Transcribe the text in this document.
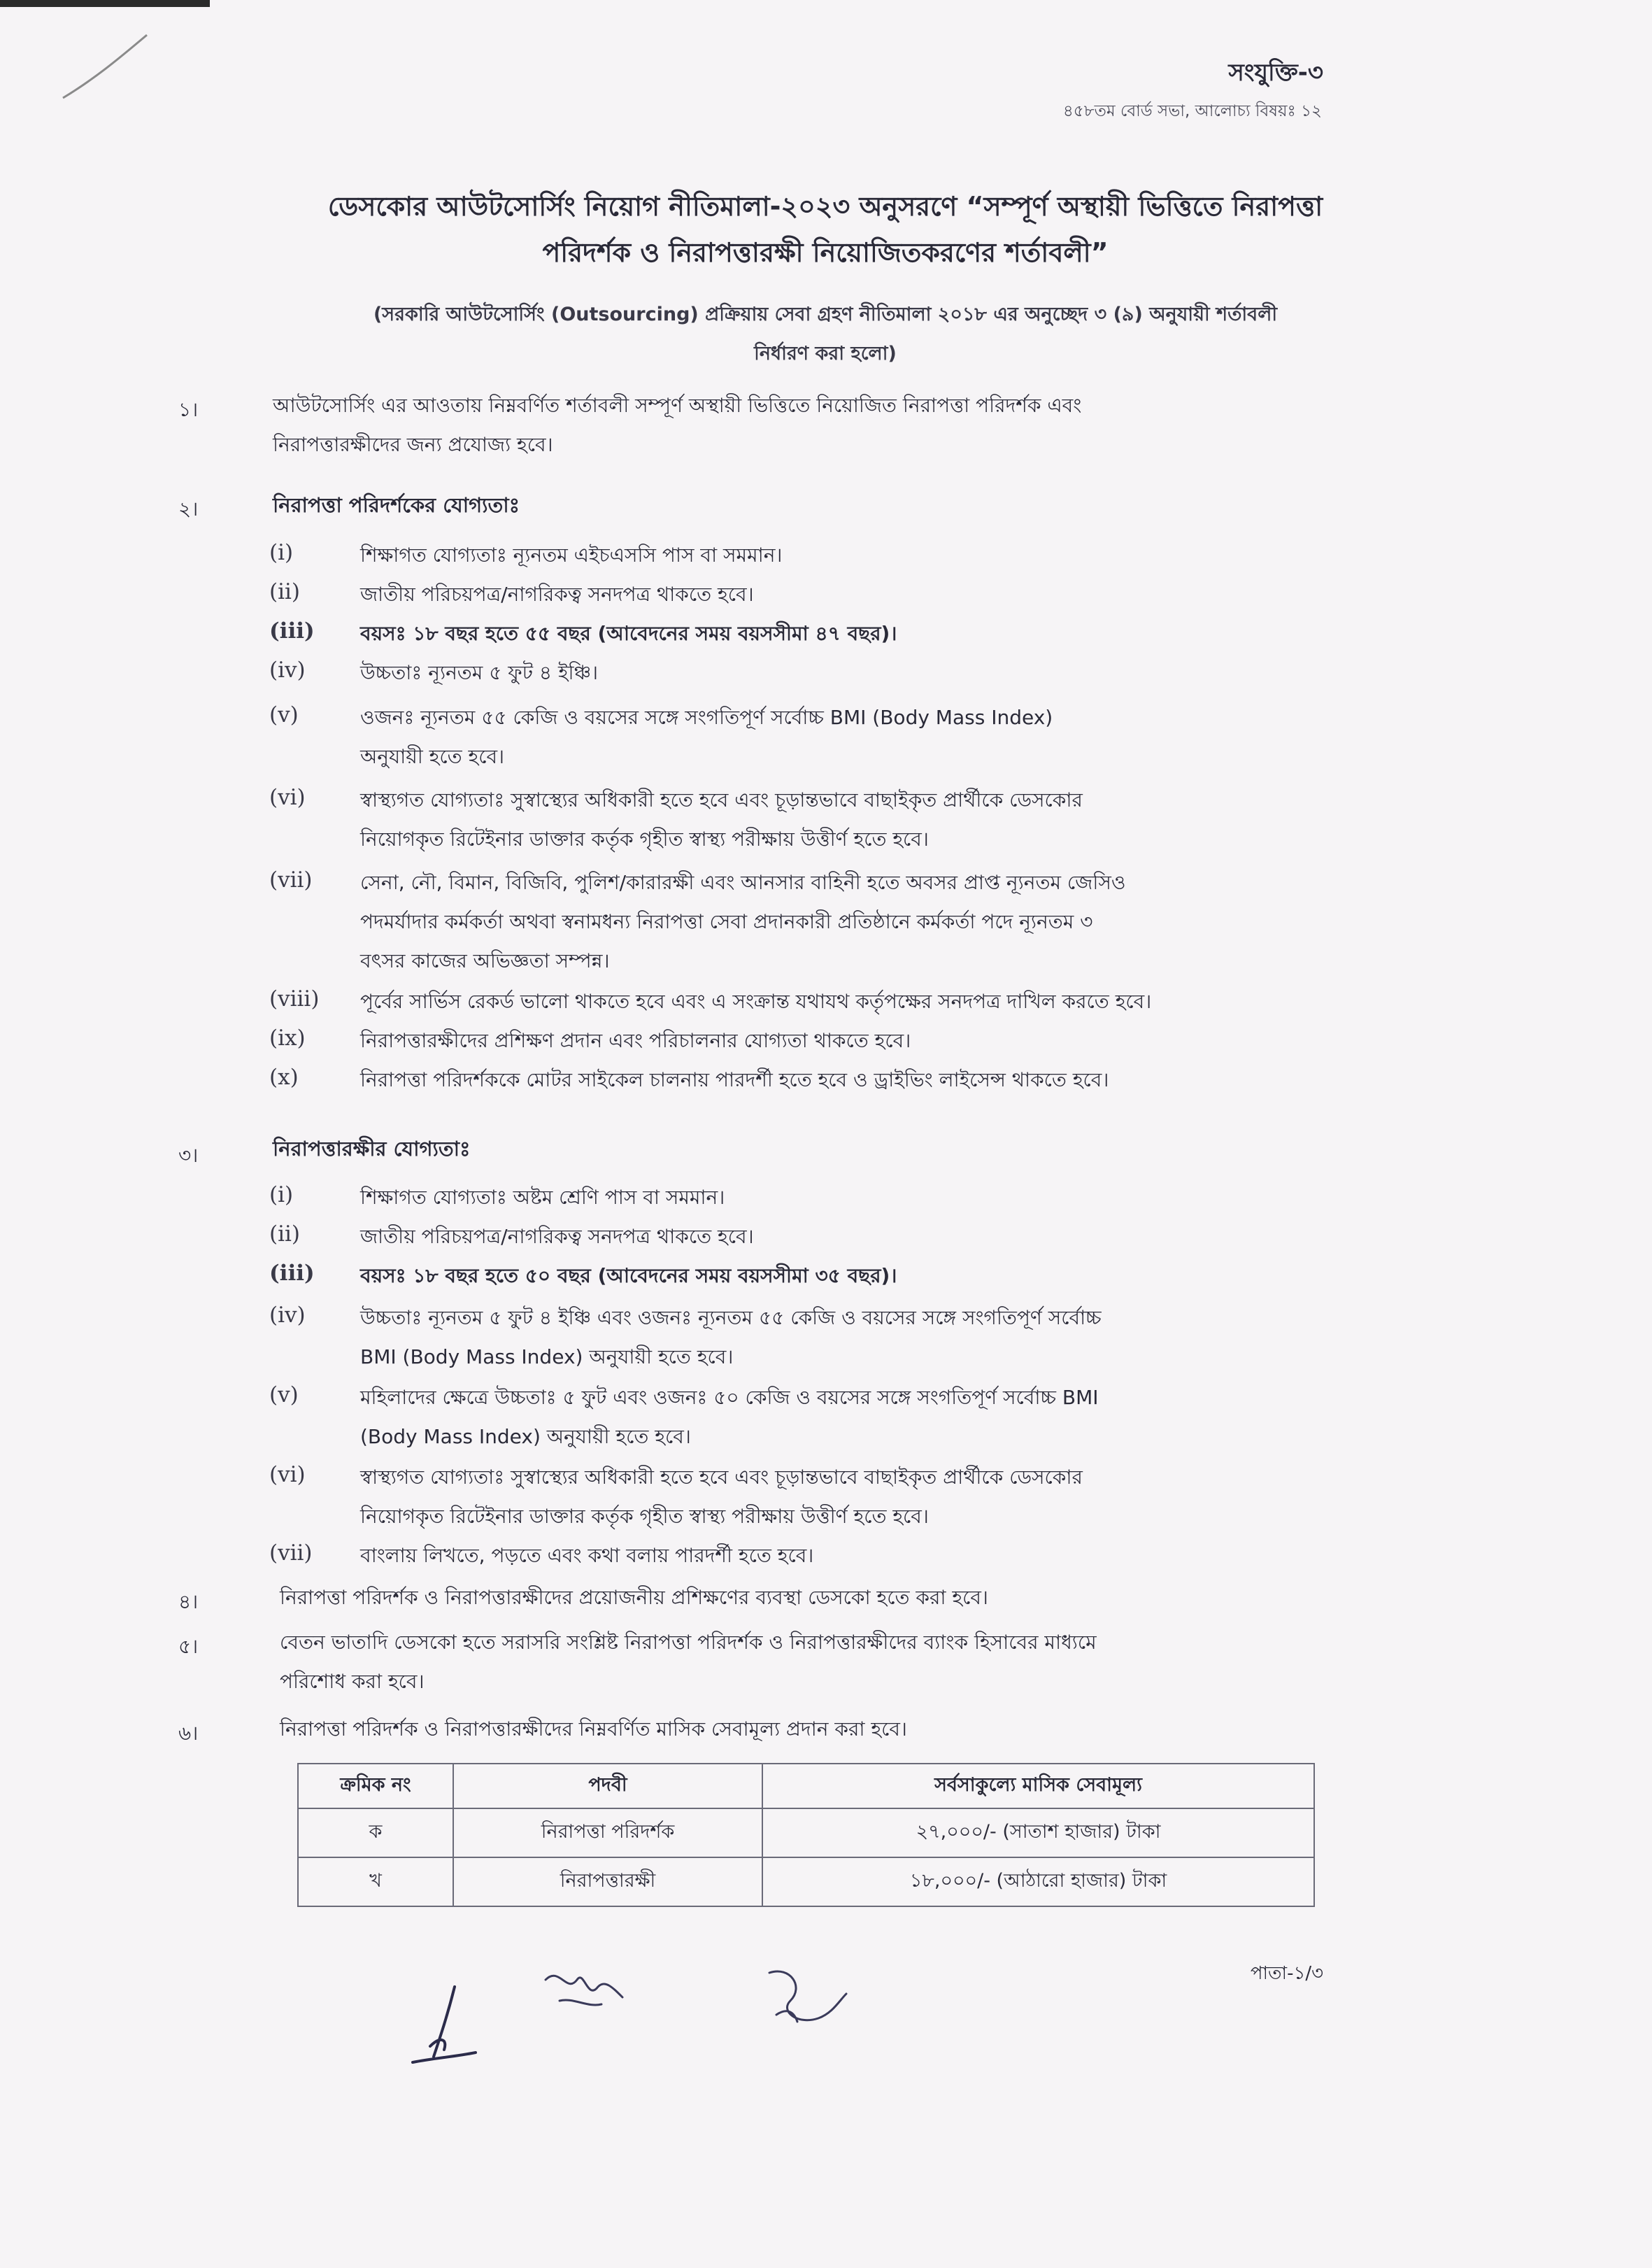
সংযুক্তি-৩
৪৫৮তম বোর্ড সভা, আলোচ্য বিষয়ঃ ১২
ডেসকোর আউটসোর্সিং নিয়োগ নীতিমালা-২০২৩ অনুসরণে “সম্পূর্ণ অস্থায়ী ভিত্তিতে নিরাপত্তা
পরিদর্শক ও নিরাপত্তারক্ষী নিয়োজিতকরণের শর্তাবলী”
(সরকারি আউটসোর্সিং (Outsourcing) প্রক্রিয়ায় সেবা গ্রহণ নীতিমালা ২০১৮ এর অনুচ্ছেদ ৩ (৯) অনুযায়ী শর্তাবলী
নির্ধারণ করা হলো)
১।	আউটসোর্সিং এর আওতায় নিম্নবর্ণিত শর্তাবলী সম্পূর্ণ অস্থায়ী ভিত্তিতে নিয়োজিত নিরাপত্তা পরিদর্শক এবং
নিরাপত্তারক্ষীদের জন্য প্রযোজ্য হবে।
২।	নিরাপত্তা পরিদর্শকের যোগ্যতাঃ
(i)	শিক্ষাগত যোগ্যতাঃ ন্যূনতম এইচএসসি পাস বা সমমান।
(ii)	জাতীয় পরিচয়পত্র/নাগরিকত্ব সনদপত্র থাকতে হবে।
(iii) বয়সঃ ১৮ বছর হতে ৫৫ বছর (আবেদনের সময় বয়সসীমা ৪৭ বছর)।
(iv)	উচ্চতাঃ ন্যূনতম ৫ ফুট ৪ ইঞ্চি।
(v)	ওজনঃ ন্যূনতম ৫৫ কেজি ও বয়সের সঙ্গে সংগতিপূর্ণ সর্বোচ্চ BMI (Body Mass Index)
অনুযায়ী হতে হবে।
(vi)	স্বাস্থ্যগত যোগ্যতাঃ সুস্বাস্থ্যের অধিকারী হতে হবে এবং চূড়ান্তভাবে বাছাইকৃত প্রার্থীকে ডেসকোর
নিয়োগকৃত রিটেইনার ডাক্তার কর্তৃক গৃহীত স্বাস্থ্য পরীক্ষায় উত্তীর্ণ হতে হবে।
(vii) সেনা, নৌ, বিমান, বিজিবি, পুলিশ/কারারক্ষী এবং আনসার বাহিনী হতে অবসর প্রাপ্ত ন্যূনতম জেসিও
পদমর্যাদার কর্মকর্তা অথবা স্বনামধন্য নিরাপত্তা সেবা প্রদানকারী প্রতিষ্ঠানে কর্মকর্তা পদে ন্যূনতম ৩
বৎসর কাজের অভিজ্ঞতা সম্পন্ন।
(viii) পূর্বের সার্ভিস রেকর্ড ভালো থাকতে হবে এবং এ সংক্রান্ত যথাযথ কর্তৃপক্ষের সনদপত্র দাখিল করতে হবে।
(ix)	নিরাপত্তারক্ষীদের প্রশিক্ষণ প্রদান এবং পরিচালনার যোগ্যতা থাকতে হবে।
(x)	নিরাপত্তা পরিদর্শককে মোটর সাইকেল চালনায় পারদর্শী হতে হবে ও ড্রাইভিং লাইসেন্স থাকতে হবে।
৩।	নিরাপত্তারক্ষীর যোগ্যতাঃ
(i)	শিক্ষাগত যোগ্যতাঃ অষ্টম শ্রেণি পাস বা সমমান।
(ii)	জাতীয় পরিচয়পত্র/নাগরিকত্ব সনদপত্র থাকতে হবে।
(iii) বয়সঃ ১৮ বছর হতে ৫০ বছর (আবেদনের সময় বয়সসীমা ৩৫ বছর)।
(iv)	উচ্চতাঃ ন্যূনতম ৫ ফুট ৪ ইঞ্চি এবং ওজনঃ ন্যূনতম ৫৫ কেজি ও বয়সের সঙ্গে সংগতিপূর্ণ সর্বোচ্চ
BMI (Body Mass Index) অনুযায়ী হতে হবে।
(v)	মহিলাদের ক্ষেত্রে উচ্চতাঃ ৫ ফুট এবং ওজনঃ ৫০ কেজি ও বয়সের সঙ্গে সংগতিপূর্ণ সর্বোচ্চ BMI
(Body Mass Index) অনুযায়ী হতে হবে।
(vi)	স্বাস্থ্যগত যোগ্যতাঃ সুস্বাস্থ্যের অধিকারী হতে হবে এবং চূড়ান্তভাবে বাছাইকৃত প্রার্থীকে ডেসকোর
নিয়োগকৃত রিটেইনার ডাক্তার কর্তৃক গৃহীত স্বাস্থ্য পরীক্ষায় উত্তীর্ণ হতে হবে।
(vii) বাংলায় লিখতে, পড়তে এবং কথা বলায় পারদর্শী হতে হবে।
৪।	নিরাপত্তা পরিদর্শক ও নিরাপত্তারক্ষীদের প্রয়োজনীয় প্রশিক্ষণের ব্যবস্থা ডেসকো হতে করা হবে।
৫।	বেতন ভাতাদি ডেসকো হতে সরাসরি সংশ্লিষ্ট নিরাপত্তা পরিদর্শক ও নিরাপত্তারক্ষীদের ব্যাংক হিসাবের মাধ্যমে
পরিশোধ করা হবে।
৬।	নিরাপত্তা পরিদর্শক ও নিরাপত্তারক্ষীদের নিম্নবর্ণিত মাসিক সেবামূল্য প্রদান করা হবে।
ক্রমিক নং	পদবী	সর্বসাকুল্যে মাসিক সেবামূল্য
ক	নিরাপত্তা পরিদর্শক	২৭,০০০/- (সাতাশ হাজার) টাকা
খ	নিরাপত্তারক্ষী	১৮,০০০/- (আঠারো হাজার) টাকা
পাতা-১/৩
